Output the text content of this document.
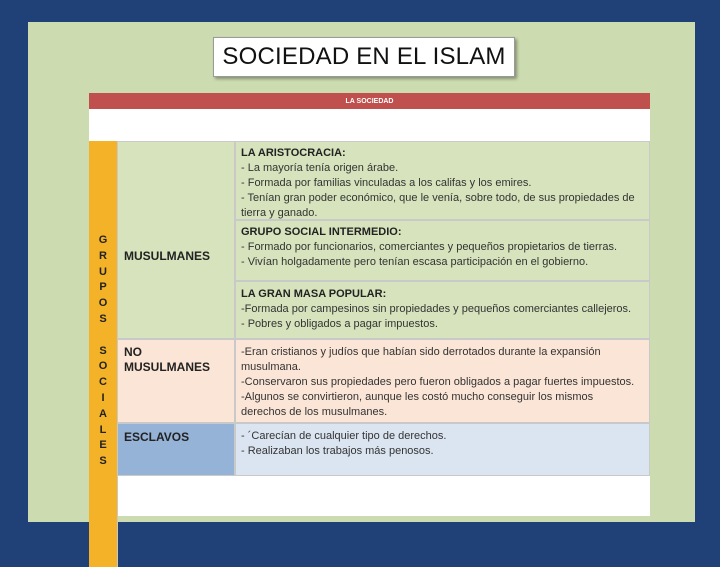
SOCIEDAD EN EL ISLAM
LA SOCIEDAD
G
R
U
P
O
S
S
O
C
I
A
L
E
S
MUSULMANES
LA ARISTOCRACIA:
- La mayoría tenía origen árabe.
- Formada por familias vinculadas a los califas y los emires.
- Tenían gran poder económico, que le venía, sobre todo, de sus propiedades de
tierra y ganado.
GRUPO SOCIAL INTERMEDIO:
- Formado por funcionarios, comerciantes y pequeños propietarios de tierras.
- Vivían holgadamente pero tenían escasa participación en el gobierno.
LA GRAN MASA POPULAR:
-Formada por campesinos sin propiedades y pequeños comerciantes callejeros.
- Pobres y obligados a pagar impuestos.
NO
MUSULMANES
-Eran cristianos y judíos que habían sido derrotados durante la expansión
musulmana.
-Conservaron sus propiedades pero fueron obligados a pagar fuertes impuestos.
-Algunos se convirtieron, aunque les costó mucho conseguir los mismos
derechos de los musulmanes.
ESCLAVOS	- ´Carecían de cualquier tipo de derechos.
- Realizaban los trabajos más penosos.
